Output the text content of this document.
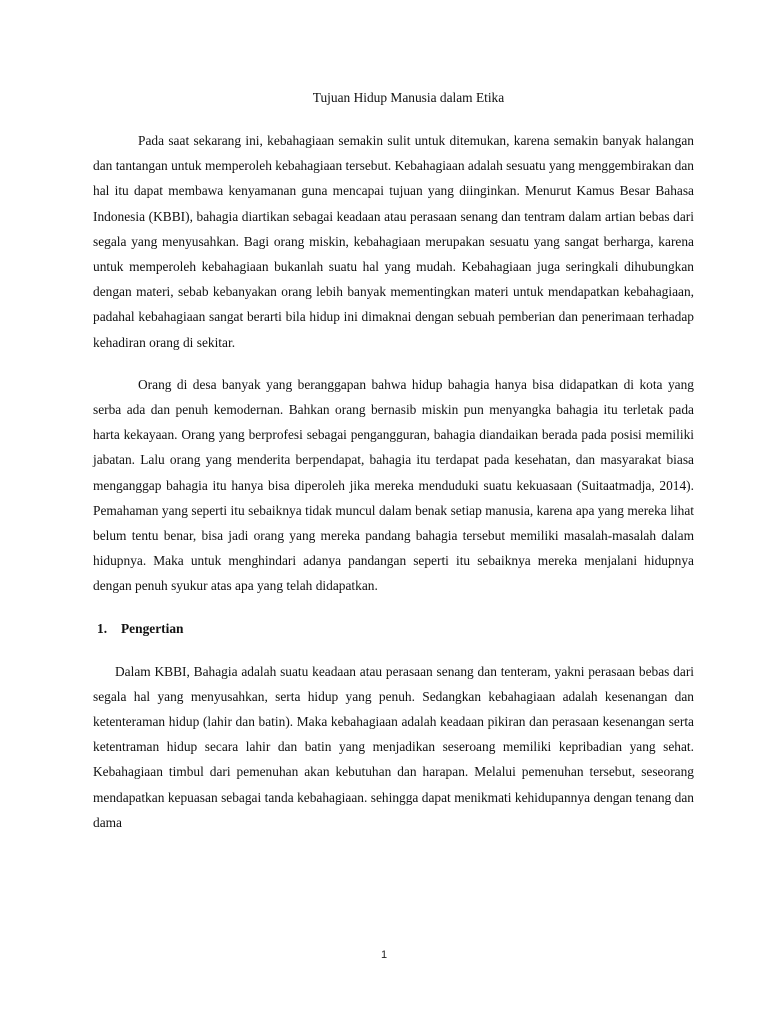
Tujuan Hidup Manusia dalam Etika

Pada saat sekarang ini, kebahagiaan semakin sulit untuk ditemukan, karena semakin banyak halangan dan tantangan untuk memperoleh kebahagiaan tersebut. Kebahagiaan adalah sesuatu yang menggembirakan dan hal itu dapat membawa kenyamanan guna mencapai tujuan yang diinginkan. Menurut Kamus Besar Bahasa Indonesia (KBBI), bahagia diartikan sebagai keadaan atau perasaan senang dan tentram dalam artian bebas dari segala yang menyusahkan. Bagi orang miskin, kebahagiaan merupakan sesuatu yang sangat berharga, karena untuk memperoleh kebahagiaan bukanlah suatu hal yang mudah. Kebahagiaan juga seringkali dihubungkan dengan materi, sebab kebanyakan orang lebih banyak mementingkan materi untuk mendapatkan kebahagiaan, padahal kebahagiaan sangat berarti bila hidup ini dimaknai dengan sebuah pemberian dan penerimaan terhadap kehadiran orang di sekitar.

Orang di desa banyak yang beranggapan bahwa hidup bahagia hanya bisa didapatkan di kota yang serba ada dan penuh kemodernan. Bahkan orang bernasib miskin pun menyangka bahagia itu terletak pada harta kekayaan. Orang yang berprofesi sebagai pengangguran, bahagia diandaikan berada pada posisi memiliki jabatan. Lalu orang yang menderita berpendapat, bahagia itu terdapat pada kesehatan, dan masyarakat biasa menganggap bahagia itu hanya bisa diperoleh jika mereka menduduki suatu kekuasaan (Suitaatmadja, 2014). Pemahaman yang seperti itu sebaiknya tidak muncul dalam benak setiap manusia, karena apa yang mereka lihat belum tentu benar, bisa jadi orang yang mereka pandang bahagia tersebut memiliki masalah-masalah dalam hidupnya. Maka untuk menghindari adanya pandangan seperti itu sebaiknya mereka menjalani hidupnya dengan penuh syukur atas apa yang telah didapatkan.

1.	Pengertian

Dalam KBBI, Bahagia adalah suatu keadaan atau perasaan senang dan tenteram, yakni perasaan bebas dari segala hal yang menyusahkan, serta hidup yang penuh. Sedangkan kebahagiaan adalah kesenangan dan ketenteraman hidup (lahir dan batin). Maka kebahagiaan adalah keadaan pikiran dan perasaan kesenangan serta ketentraman hidup secara lahir dan batin yang menjadikan seseroang memiliki kepribadian yang sehat. Kebahagiaan timbul dari pemenuhan akan kebutuhan dan harapan. Melalui pemenuhan tersebut, seseorang mendapatkan kepuasan sebagai tanda kebahagiaan. sehingga dapat menikmati kehidupannya dengan tenang dan dama

1
